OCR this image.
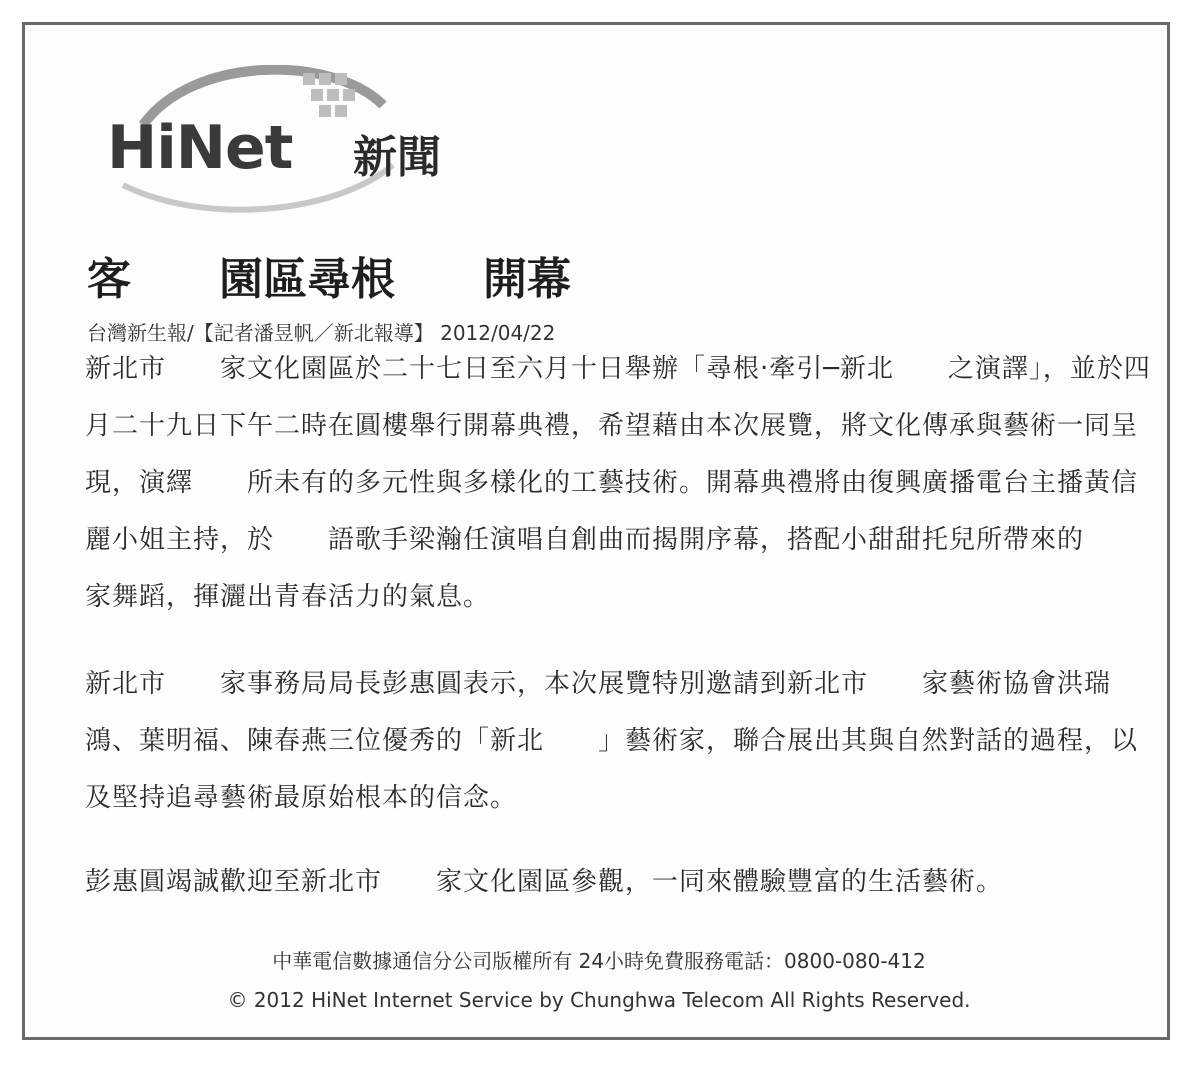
HiNet 新聞
客　　園區尋根　　開幕
台灣新生報/【記者潘昱帆／新北報導】 2012/04/22
新北市　　家文化園區於二十七日至六月十日舉辦「尋根‧牽引─新北　　之演譯」，並於四月二十九日下午二時在圓樓舉行開幕典禮，希望藉由本次展覽，將文化傳承與藝術一同呈現，演繹　　所未有的多元性與多樣化的工藝技術。開幕典禮將由復興廣播電台主播黃信麗小姐主持，於　　語歌手梁瀚任演唱自創曲而揭開序幕，搭配小甜甜托兒所帶來的　　家舞蹈，揮灑出青春活力的氣息。
新北市　　家事務局局長彭惠圓表示，本次展覽特別邀請到新北市　　家藝術協會洪瑞鴻、葉明福、陳春燕三位優秀的「新北　　」藝術家，聯合展出其與自然對話的過程，以及堅持追尋藝術最原始根本的信念。
彭惠圓竭誠歡迎至新北市　　家文化園區參觀，一同來體驗豐富的生活藝術。
中華電信數據通信分公司版權所有 24小時免費服務電話：0800-080-412
© 2012 HiNet Internet Service by Chunghwa Telecom All Rights Reserved.
